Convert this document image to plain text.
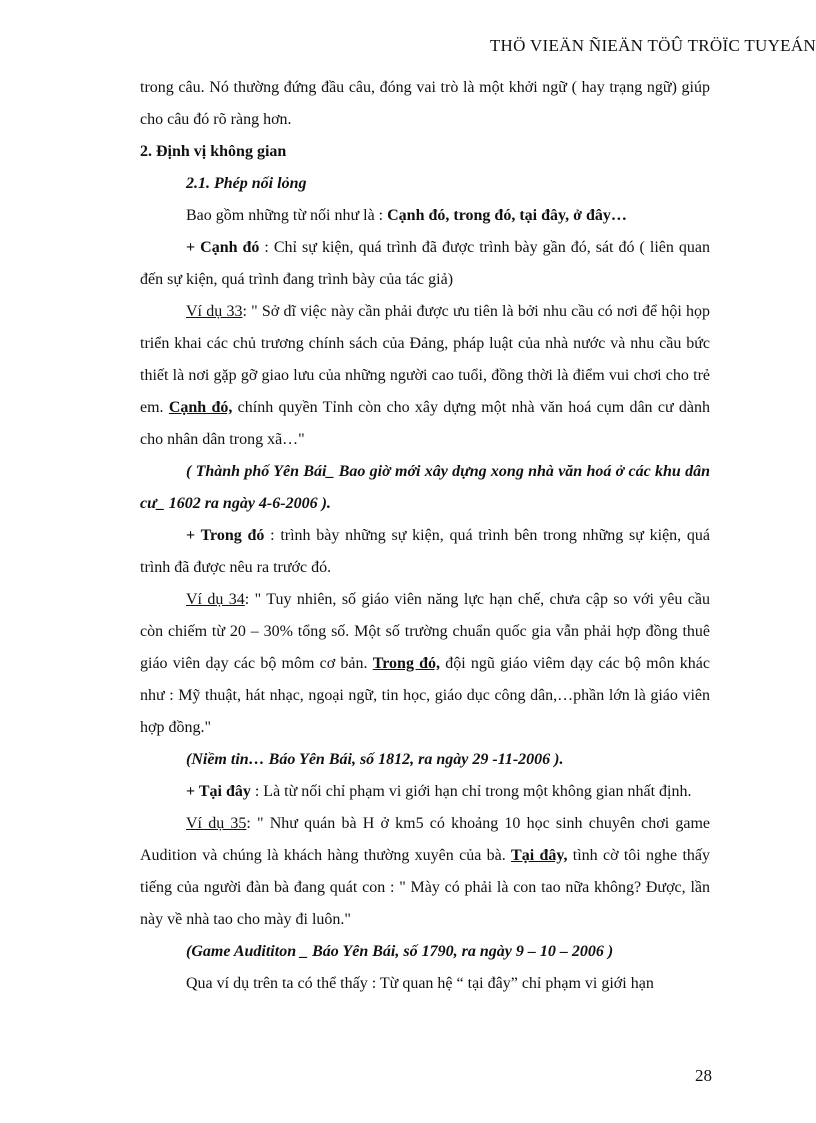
THÖ VIEÄN ÑIEÄN TÖÛ TRÖÏC TUYEÁN

trong câu. Nó thường đứng đầu câu, đóng vai trò là một khởi ngữ ( hay trạng ngữ) giúp cho câu đó rõ ràng hơn.

2. Định vị không gian

2.1. Phép nối lỏng

Bao gồm những từ nối như là : Cạnh đó, trong đó, tại đây, ở đây…

+ Cạnh đó : Chỉ sự kiện, quá trình đã được trình bày gần đó, sát đó ( liên quan đến sự kiện, quá trình đang trình bày của tác giả)

Ví dụ 33: " Sở dĩ việc này cần phải được ưu tiên là bởi nhu cầu có nơi để hội họp triển khai các chủ trương chính sách của Đảng, pháp luật của nhà nước và nhu cầu bức thiết là nơi gặp gỡ giao lưu của những người cao tuổi, đồng thời là điểm vui chơi cho trẻ em. Cạnh đó, chính quyền Tỉnh còn cho xây dựng một nhà văn hoá cụm dân cư dành cho nhân dân trong xã…"

( Thành phố Yên Bái_ Bao giờ mới xây dựng xong nhà văn hoá ở các khu dân cư_ 1602 ra ngày 4-6-2006 ).

+ Trong đó : trình bày những sự kiện, quá trình bên trong những sự kiện, quá trình đã được nêu ra trước đó.

Ví dụ 34: " Tuy nhiên, số giáo viên năng lực hạn chế, chưa cập so với yêu cầu còn chiếm từ 20 – 30% tổng số. Một số trường chuẩn quốc gia vẫn phải hợp đồng thuê giáo viên dạy các bộ môm cơ bản. Trong đó, đội ngũ giáo viêm dạy các bộ môn khác như : Mỹ thuật, hát nhạc, ngoại ngữ, tin học, giáo dục công dân,…phần lớn là giáo viên hợp đồng."

(Niềm tin… Báo Yên Bái, số 1812, ra ngày 29 -11-2006 ).

+ Tại đây : Là từ nối chỉ phạm vi giới hạn chỉ trong một không gian nhất định.

Ví dụ 35: " Như quán bà H ở km5 có khoảng 10 học sinh chuyên chơi game Audition và chúng là khách hàng thường xuyên của bà. Tại đây, tình cờ tôi nghe thấy tiếng của người đàn bà đang quát con : " Mày có phải là con tao nữa không? Được, lần này về nhà tao cho mày đi luôn."

(Game Audititon _ Báo Yên Bái, số 1790, ra ngày 9 – 10 – 2006 )

Qua ví dụ trên ta có thể thấy : Từ quan hệ “ tại đây” chỉ phạm vi giới hạn

28
